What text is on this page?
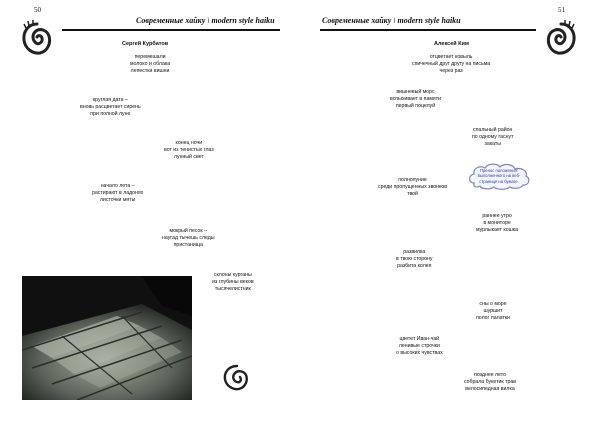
50
Современные хайку \ modern style haiku
Сергей Курбатов
перемешали
молоко и облака
лепестки вишни
круглая дата –
вновь расцветает сирень
при полной луне
конец ночи
вот из тенистых глаз
лунный свет
начало лета –
растирают в ладонях
листочки мяты
мокрый песок –
наугад тычешь следы
пристанища
склоны курганы
из глубины веков
тысячелистник
51
Современные хайку \ modern style haiku
Алексей Ким
отцветает ковыль
спичечный друг другу на письма
через раз
вишневый морс
вспыхивает в памяти
первый поцелуй
спальный район
по одному гаснут
закаты
полнолуние
среди пропущенных звонков
твой
раннее утро
в мониторе
мурлыкает кошка
развилка
в твою сторону
разбита колея
сны о море
шуршит
полог палатки
цветет Иван-чай
ленивые строчки
о высоких чувствах
позднее лето
собрала букетик трав
велосипедная вилка
Пренос положения: выполненного на веб-странице на бумаге.
